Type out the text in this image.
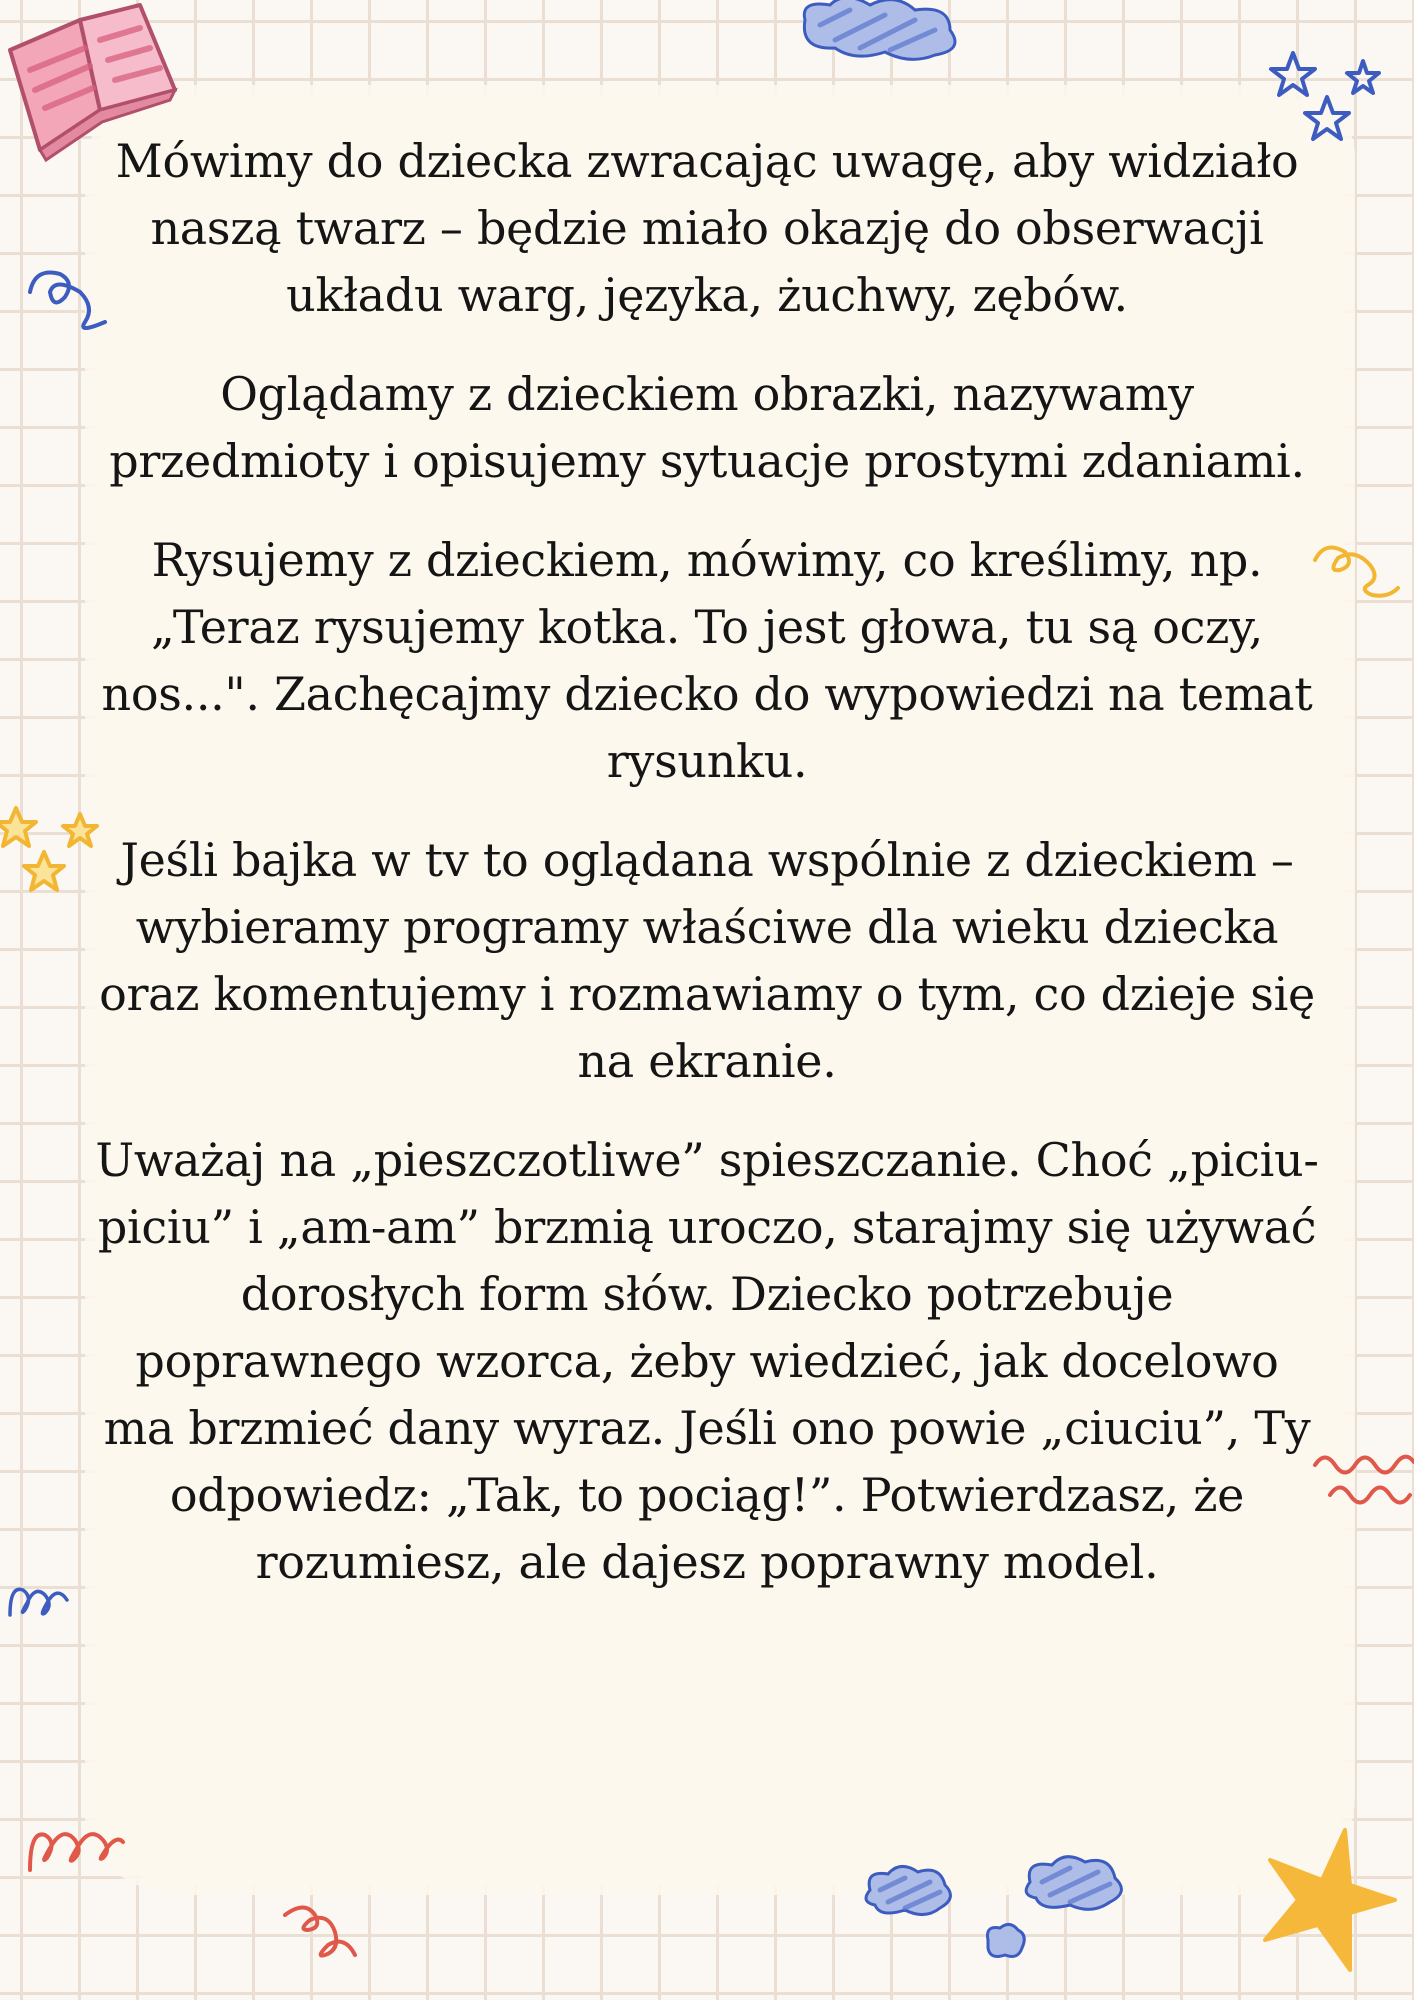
Mówimy do dziecka zwracając uwagę, aby widziało naszą twarz – będzie miało okazję do obserwacji układu warg, języka, żuchwy, zębów.

Oglądamy z dzieckiem obrazki, nazywamy przedmioty i opisujemy sytuacje prostymi zdaniami.

Rysujemy z dzieckiem, mówimy, co kreślimy, np. „Teraz rysujemy kotka. To jest głowa, tu są oczy, nos...". Zachęcajmy dziecko do wypowiedzi na temat rysunku.

Jeśli bajka w tv to oglądana wspólnie z dzieckiem – wybieramy programy właściwe dla wieku dziecka oraz komentujemy i rozmawiamy o tym, co dzieje się na ekranie.

Uważaj na „pieszczotliwe” spieszczanie. Choć „piciu-piciu” i „am-am” brzmią uroczo, starajmy się używać dorosłych form słów. Dziecko potrzebuje poprawnego wzorca, żeby wiedzieć, jak docelowo ma brzmieć dany wyraz. Jeśli ono powie „ciuciu”, Ty odpowiedz: „Tak, to pociąg!”. Potwierdzasz, że rozumiesz, ale dajesz poprawny model.
